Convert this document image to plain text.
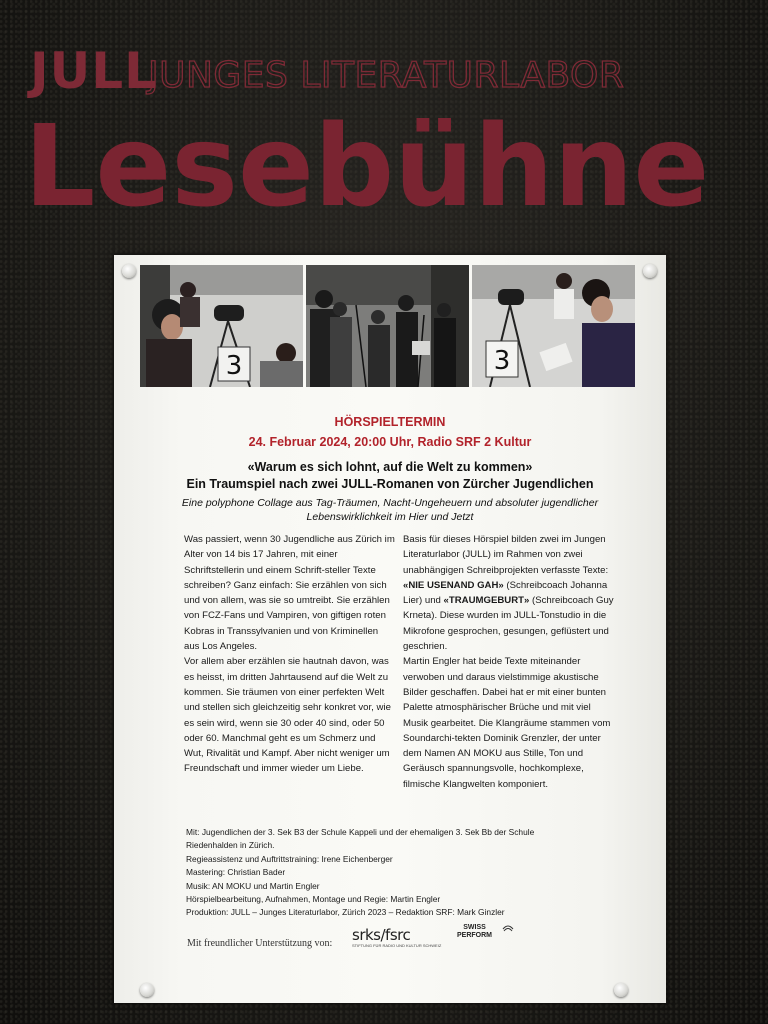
JULL
JUNGES LITERATURLABOR
Lesebühne
3	3
HÖRSPIELTERMIN
24. Februar 2024, 20:00 Uhr, Radio SRF 2 Kultur
«Warum es sich lohnt, auf die Welt zu kommen»
Ein Traumspiel nach zwei JULL-Romanen von Zürcher Jugendlichen
Eine polyphone Collage aus Tag-Träumen, Nacht-Ungeheuern und absoluter jugendlicher Lebenswirklichkeit im Hier und Jetzt

Was passiert, wenn 30 Jugendliche aus Zürich im Alter von 14 bis 17 Jahren, mit einer Schriftstellerin und einem Schrift-steller Texte schreiben? Ganz einfach: Sie erzählen von sich und von allem, was sie so umtreibt. Sie erzählen von FCZ-Fans und Vampiren, von giftigen roten Kobras in Transsylvanien und von Kriminellen aus Los Angeles.

Vor allem aber erzählen sie hautnah davon, was es heisst, im dritten Jahrtausend auf die Welt zu kommen. Sie träumen von einer perfekten Welt und stellen sich gleichzeitig sehr konkret vor, wie es sein wird, wenn sie 30 oder 40 sind, oder 50 oder 60. Manchmal geht es um Schmerz und Wut, Rivalität und Kampf. Aber nicht weniger um Freundschaft und immer wieder um Liebe.

Basis für dieses Hörspiel bilden zwei im Jungen Literaturlabor (JULL) im Rahmen von zwei unabhängigen Schreibprojekten verfasste Texte: «NIE USENAND GAH» (Schreibcoach Johanna Lier) und «TRAUMGEBURT» (Schreibcoach Guy Krneta). Diese wurden im JULL-Tonstudio in die Mikrofone gesprochen, gesungen, geflüstert und geschrien.

Martin Engler hat beide Texte miteinander verwoben und daraus vielstimmige akustische Bilder geschaffen. Dabei hat er mit einer bunten Palette atmosphärischer Brüche und mit viel Musik gearbeitet. Die Klangräume stammen vom Soundarchi-tekten Dominik Grenzler, der unter dem Namen AN MOKU aus Stille, Ton und Geräusch spannungsvolle, hochkomplexe, filmische Klangwelten komponiert.

Mit: Jugendlichen der 3. Sek B3 der Schule Kappeli und der ehemaligen 3. Sek Bb der Schule
Riedenhalden in Zürich.
Regieassistenz und Auftrittstraining: Irene Eichenberger
Mastering: Christian Bader
Musik: AN MOKU und Martin Engler
Hörspielbearbeitung, Aufnahmen, Montage und Regie: Martin Engler
Produktion: JULL – Junges Literaturlabor, Zürich 2023 – Redaktion SRF: Mark Ginzler
Mit freundlicher Unterstützung von: srks/fsrc
STIFTUNG FÜR RADIO UND KULTUR SCHWEIZ
SWISS
PERFORM
